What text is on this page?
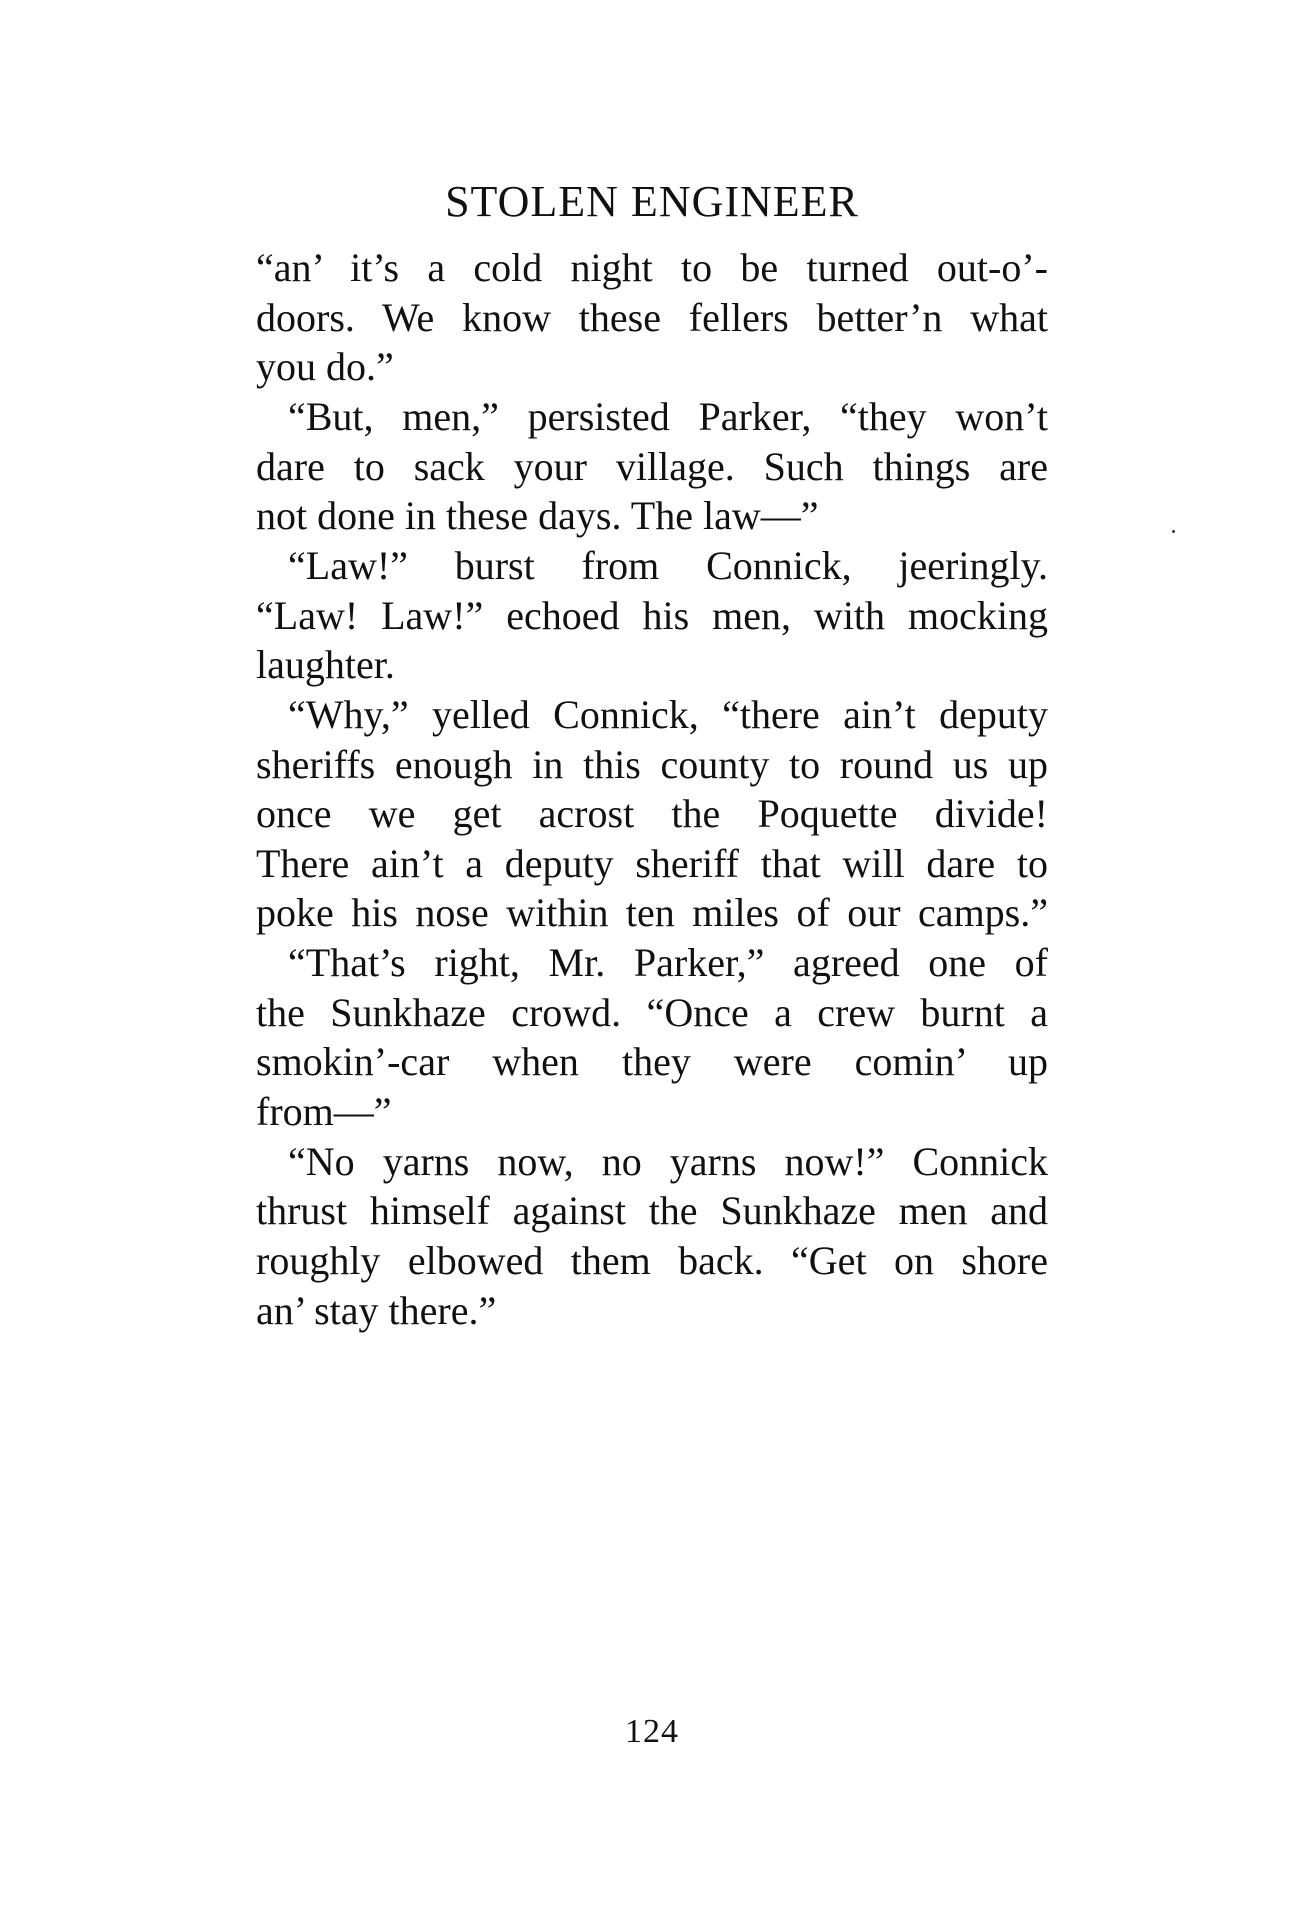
STOLEN ENGINEER
“an’ it’s a cold night to be turned out-o’-
doors. We know these fellers better’n what
you do.”
“But, men,” persisted Parker, “they won’t
dare to sack your village. Such things are
not done in these days. The law—”
“Law!” burst from Connick, jeeringly.
“Law! Law!” echoed his men, with mocking
laughter.
“Why,” yelled Connick, “there ain’t deputy
sheriffs enough in this county to round us up
once we get acrost the Poquette divide!
There ain’t a deputy sheriff that will dare to
poke his nose within ten miles of our camps.”
“That’s right, Mr. Parker,” agreed one of
the Sunkhaze crowd. “Once a crew burnt a
smokin’-car when they were comin’ up
from—”
“No yarns now, no yarns now!” Connick
thrust himself against the Sunkhaze men and
roughly elbowed them back. “Get on shore
an’ stay there.”
124
